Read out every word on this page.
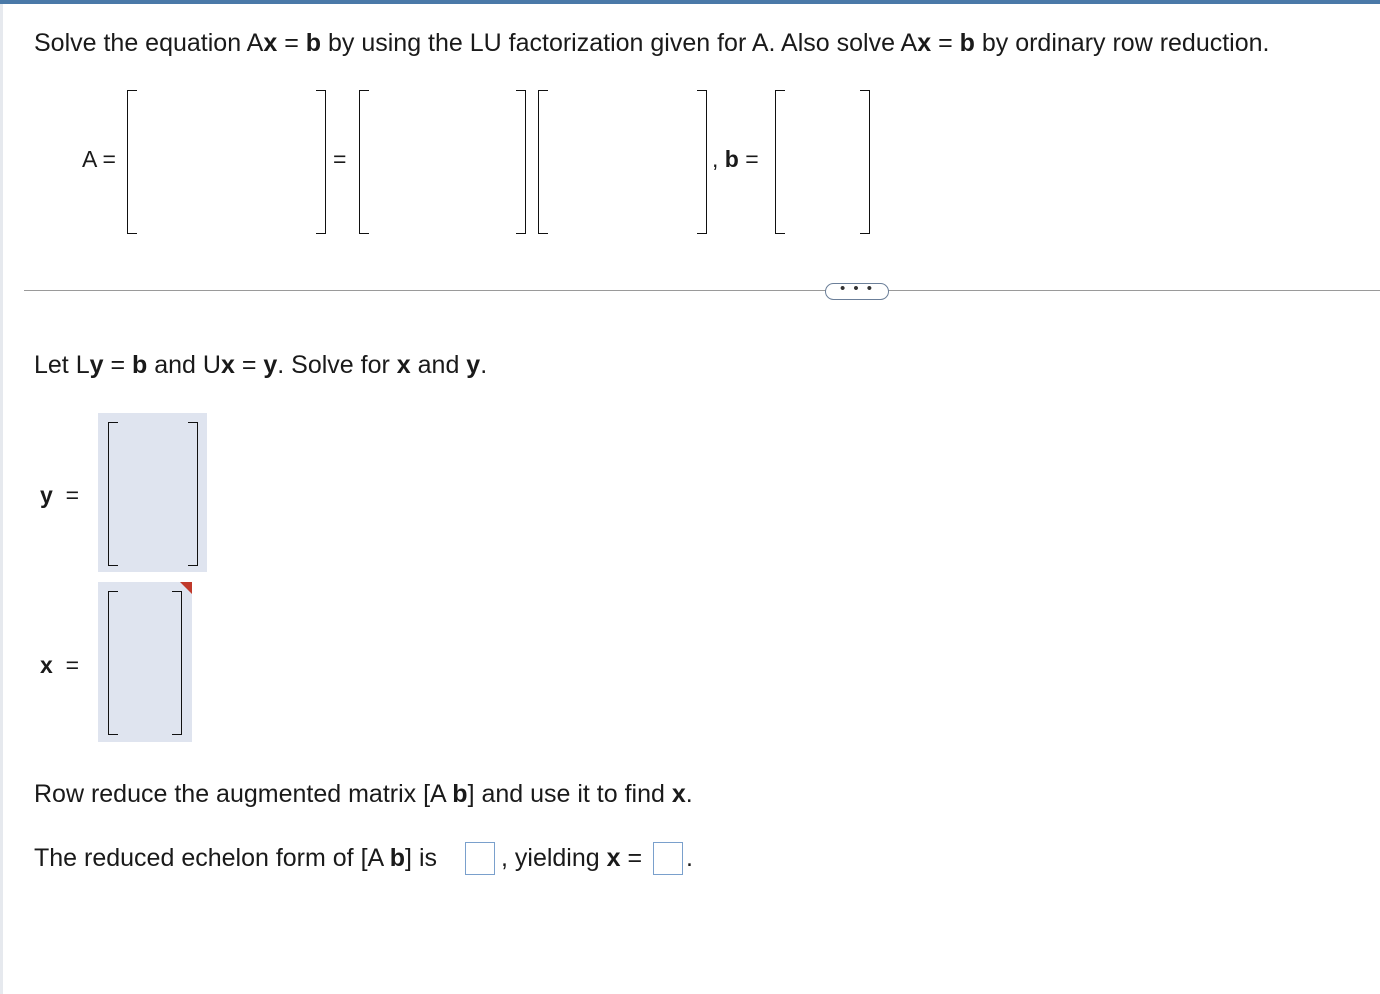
Solve the equation Ax = b by using the LU factorization given for A. Also solve Ax = b by ordinary row reduction.
A =	=	, b =
• • •
Let Ly = b and Ux = y. Solve for x and y.
y =
x =
Row reduce the augmented matrix [A b] and use it to find x.
The reduced echelon form of [A b] is	, yielding x = .
